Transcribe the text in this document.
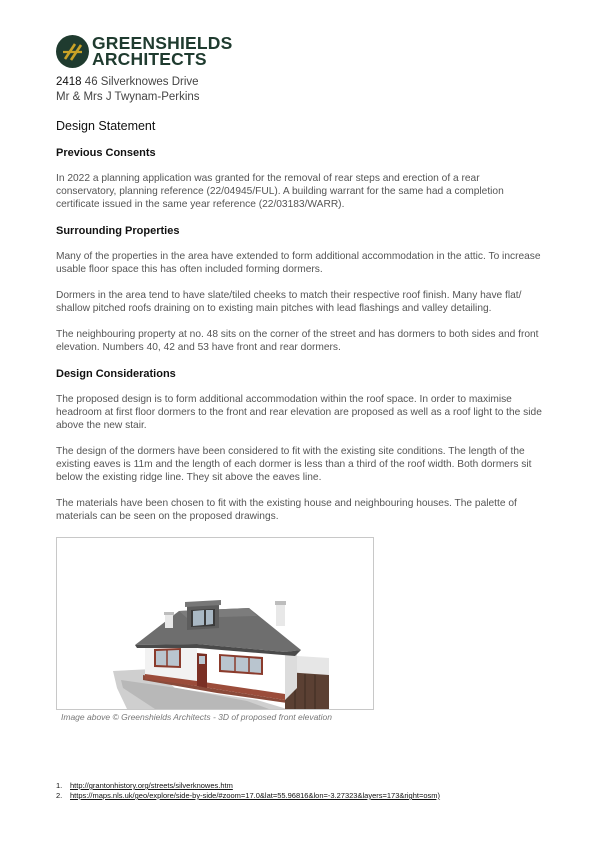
GREENSHIELDS
ARCHITECTS
2418 46 Silverknowes Drive
Mr & Mrs J Twynam-Perkins
Design Statement
Previous Consents
In 2022 a planning application was granted for the removal of rear steps and erection of a rear conservatory, planning reference (22/04945/FUL). A building warrant for the same had a completion certificate issued in the same year reference (22/03183/WARR).
Surrounding Properties
Many of the properties in the area have extended to form additional accommodation in the attic. To increase usable floor space this has often included forming dormers.
Dormers in the area tend to have slate/tiled cheeks to match their respective roof finish. Many have flat/ shallow pitched roofs draining on to existing main pitches with lead flashings and valley detailing.
The neighbouring property at no. 48 sits on the corner of the street and has dormers to both sides and front elevation. Numbers 40, 42 and 53 have front and rear dormers.
Design Considerations
The proposed design is to form additional accommodation within the roof space. In order to maximise headroom at first floor dormers to the front and rear elevation are proposed as well as a roof light to the side above the new stair.
The design of the dormers have been considered to fit with the existing site conditions. The length of the existing eaves is 11m and the length of each dormer is less than a third of the roof width. Both dormers sit below the existing ridge line. They sit above the eaves line.
The materials have been chosen to fit with the existing house and neighbouring houses. The palette of materials can be seen on the proposed drawings.
Image above © Greenshields Architects - 3D of proposed front elevation
1. http://grantonhistory.org/streets/silverknowes.htm
2. https://maps.nls.uk/geo/explore/side-by-side/#zoom=17.0&lat=55.96816&lon=-3.27323&layers=173&right=osm)
